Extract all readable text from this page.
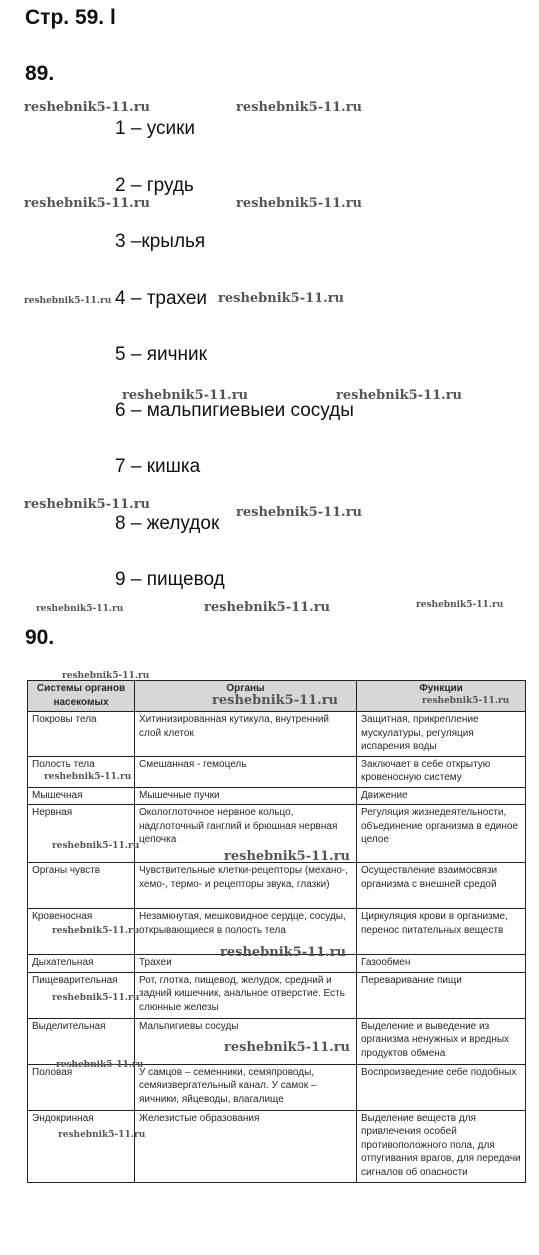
Стр. 59. l
89.
1 – усики
2 – грудь
3 –крылья
4 – трахеи
5 – яичник
6 – мальпигиевыеи сосуды
7 – кишка
8 – желудок
9 – пищевод
90.
Системы органов насекомых	Органы	Функции
Покровы тела	Хитинизированная кутикула, внутренний слой клеток	Защитная, прикрепление мускулатуры, регуляция испарения воды
Полость тела	Смешанная - гемоцель	Заключает в себе открытую кровеносную систему
Мышечная	Мышечные пучки	Движение
Нервная	Окологлоточное нервное кольцо, надглоточный ганглий и брюшная нервная цепочка	Регуляция жизнедеятельности, объединение организма в единое целое
Органы чувств	Чувствительные клетки-рецепторы (механо-, хемо-, термо- и рецепторы звука, глазки)	Осуществление взаимосвязи организма с внешней средой
Кровеносная	Незамкнутая, мешковидное сердце, сосуды, открывающиеся в полость тела	Циркуляция крови в организме, перенос питательных веществ
Дыхательная	Трахеи	Газообмен
Пищеварительная	Рот, глотка, пищевод, желудок, средний и задний кишечник, анальное отверстие. Есть слюнные железы	Переваривание пищи
Выделительная	Мальпигиевы сосуды	Выделение и выведение из организма ненужных и вредных продуктов обмена
Половая	У самцов – семенники, семяпроводы, семяизвергательный канал. У самок – яичники, яйцеводы, влагалище	Воспроизведение себе подобных
Эндокринная	Железистые образования	Выделение веществ для привлечения особей противоположного пола, для отпугивания врагов, для передачи сигналов об опасности
reshebnik5-11.ru	reshebnik5-11.ru
reshebnik5-11.ru	reshebnik5-11.ru
reshebnik5-11.ru	reshebnik5-11.ru
reshebnik5-11.ru	reshebnik5-11.ru
reshebnik5-11.ru
reshebnik5-11.ru
reshebnik5-11.ru	reshebnik5-11.ru	reshebnik5-11.ru
reshebnik5-11.ru
reshebnik5-11.ru	reshebnik5-11.ru
reshebnik5-11.ru
reshebnik5-11.ru
reshebnik5-11.ru
reshebnik5-11.ru
reshebnik5-11.ru
reshebnik5-11.ru
reshebnik5-11.ru
reshebnik5-11.ru
reshebnik5-11.ru
